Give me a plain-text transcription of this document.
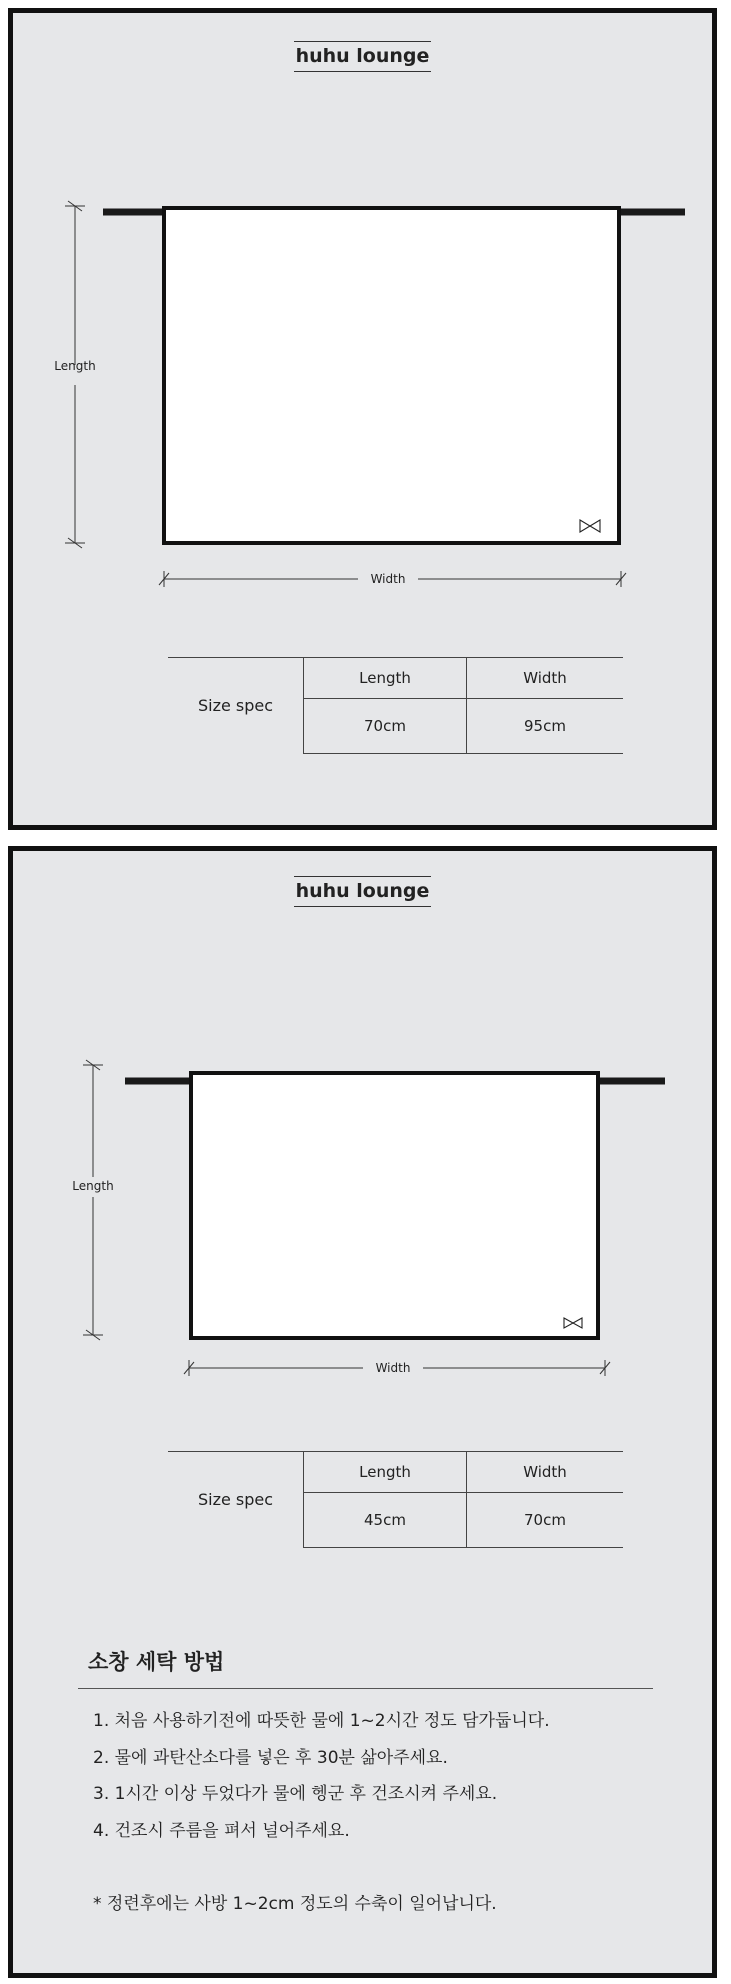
huhu lounge
Length
Width
Size spec	Length	Width
	70cm	95cm
huhu lounge
Length
Width
Size spec	Length	Width
	45cm	70cm
소창 세탁 방법
1. 처음 사용하기전에 따뜻한 물에 1~2시간 정도 담가둡니다.
2. 물에 과탄산소다를 넣은 후 30분 삶아주세요.
3. 1시간 이상 두었다가 물에 헹군 후 건조시켜 주세요.
4. 건조시 주름을 펴서 널어주세요.

* 정련후에는 사방 1~2cm 정도의 수축이 일어납니다.
